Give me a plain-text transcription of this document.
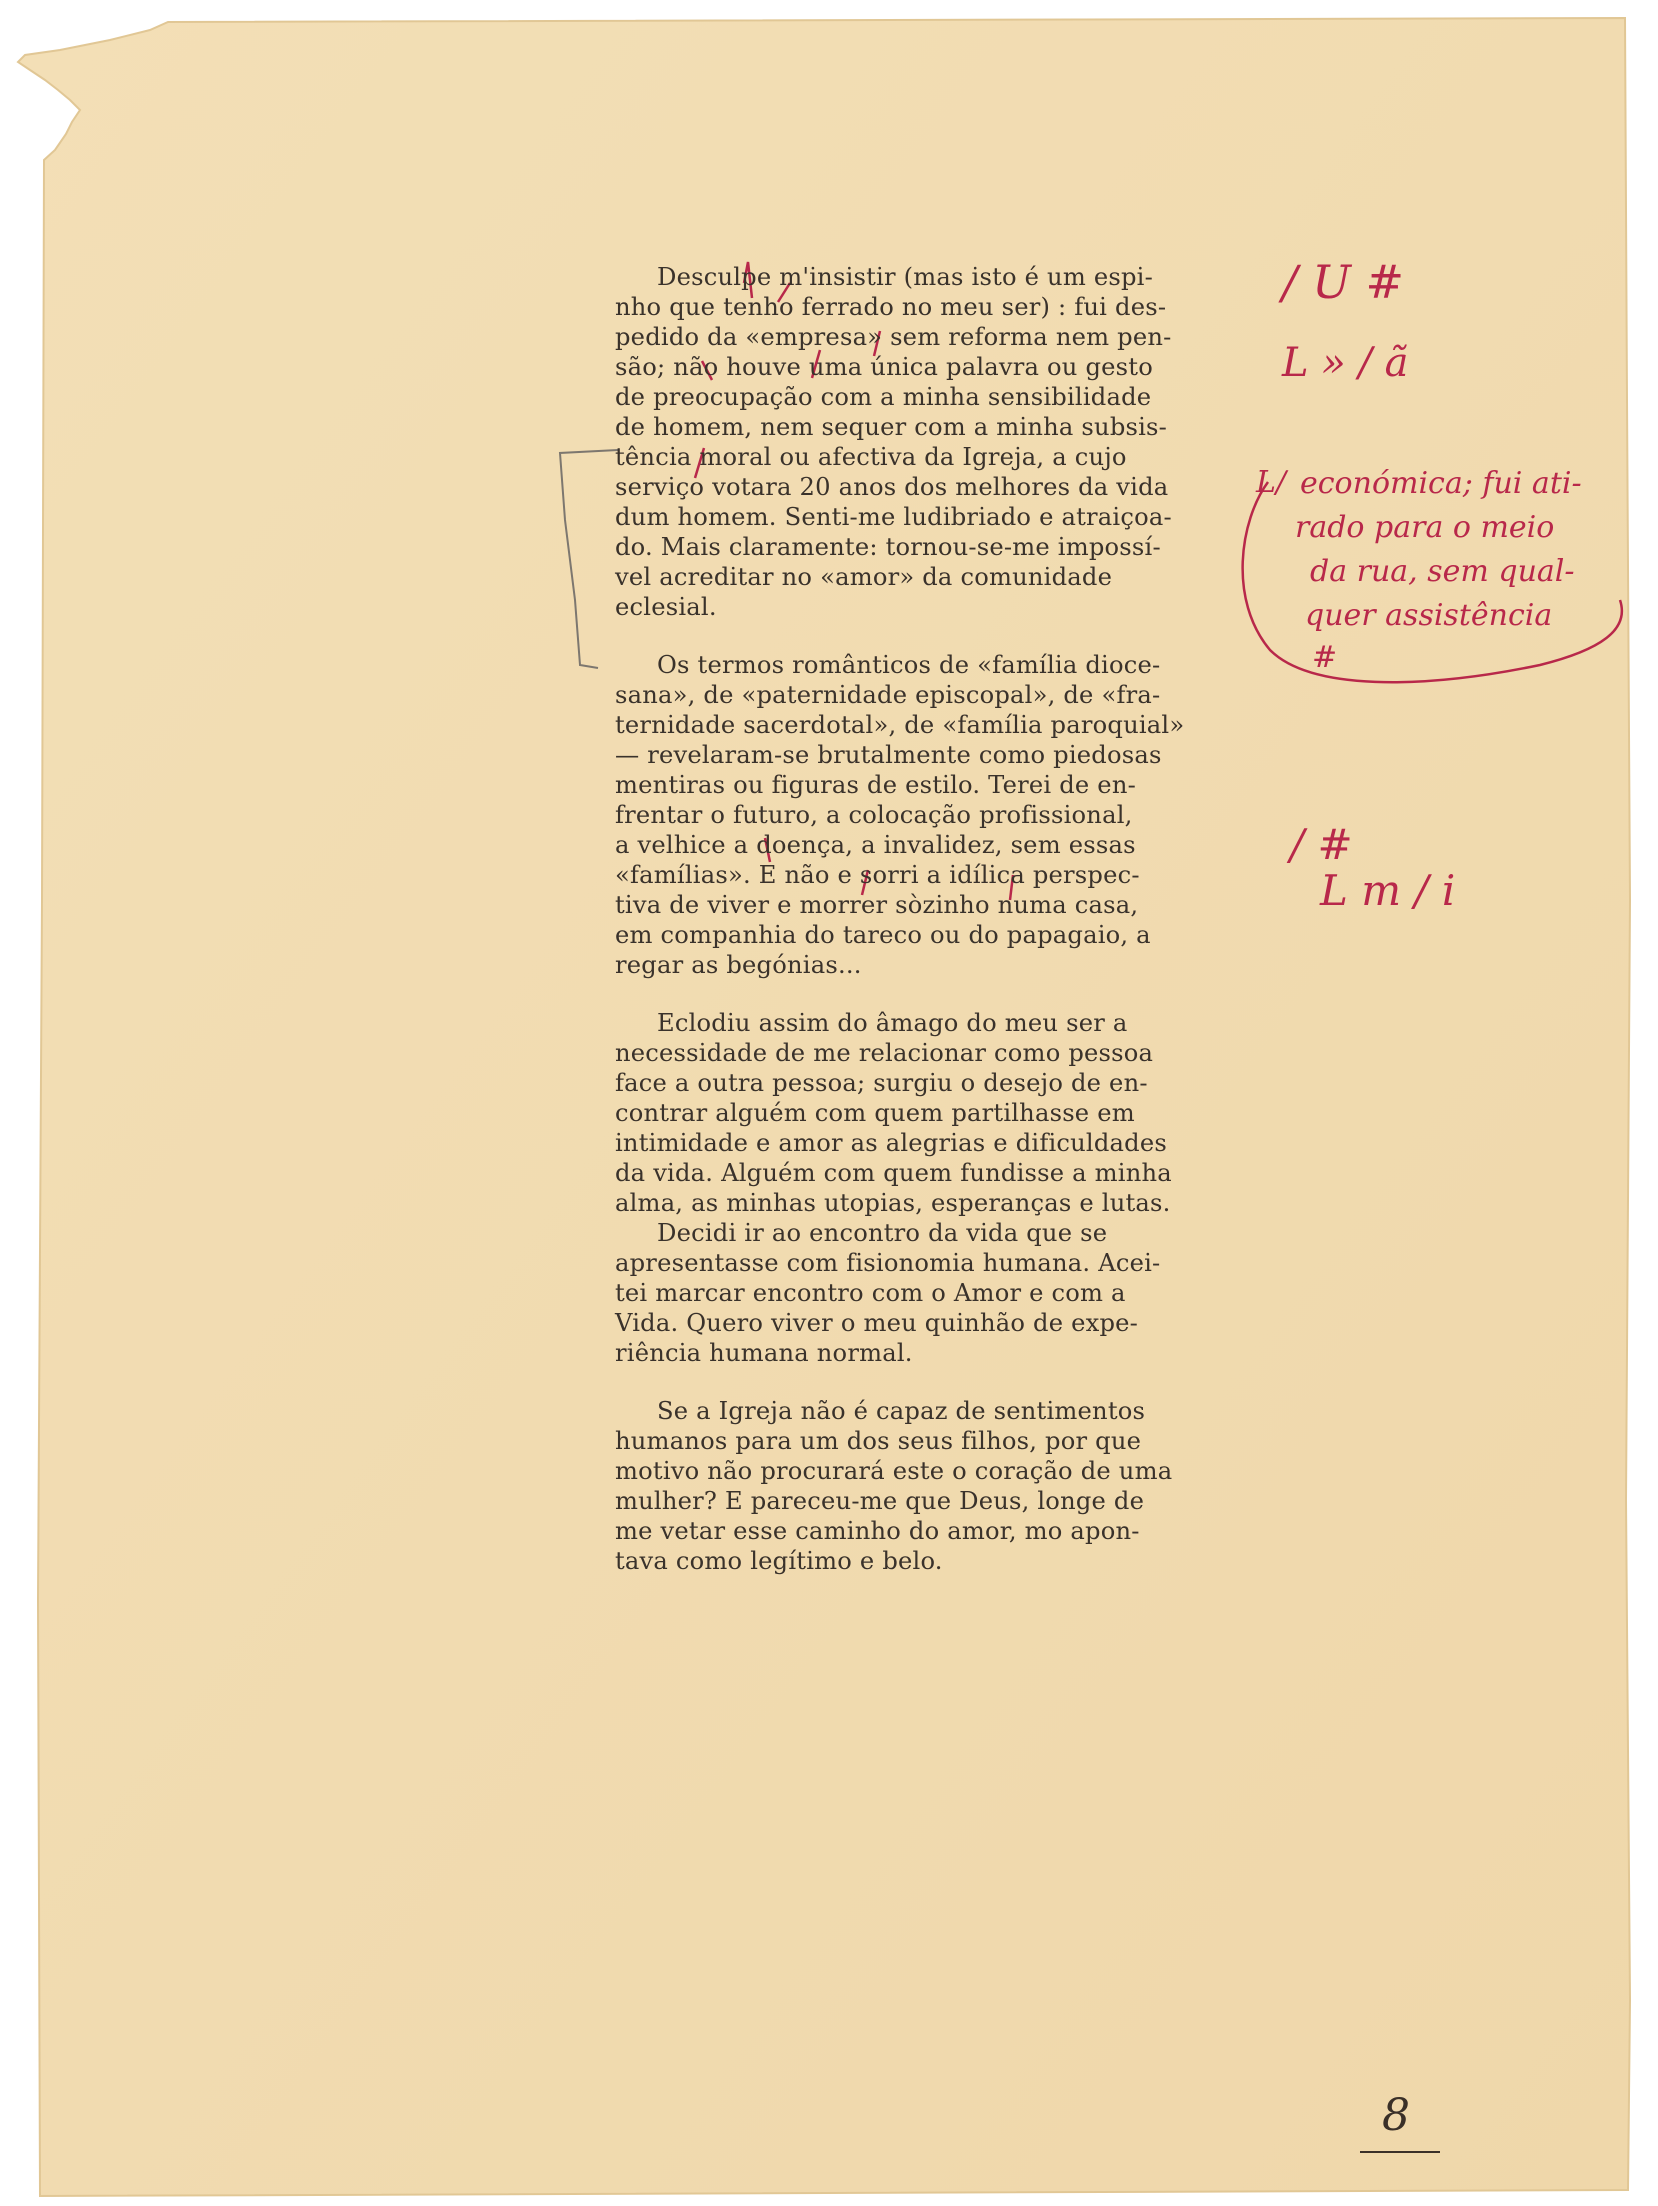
Desculpe m'insistir (mas isto é um espi-
nho que tenho ferrado no meu ser) : fui des-
pedido da «empresa» sem reforma nem pen-
são; não houve uma única palavra ou gesto
de preocupação com a minha sensibilidade
de homem, nem sequer com a minha subsis-
tência moral ou afectiva da Igreja, a cujo
serviço votara 20 anos dos melhores da vida
dum homem. Senti-me ludibriado e atraiçoa-
do. Mais claramente: tornou-se-me impossí-
vel acreditar no «amor» da comunidade
eclesial.
Os termos românticos de «família dioce-
sana», de «paternidade episcopal», de «fra-
ternidade sacerdotal», de «família paroquial»
— revelaram-se brutalmente como piedosas
mentiras ou figuras de estilo. Terei de en-
frentar o futuro, a colocação profissional,
a velhice a doença, a invalidez, sem essas
«famílias». E não e sorri a idílica perspec-
tiva de viver e morrer sòzinho numa casa,
em companhia do tareco ou do papagaio, a
regar as begónias...
Eclodiu assim do âmago do meu ser a
necessidade de me relacionar como pessoa
face a outra pessoa; surgiu o desejo de en-
contrar alguém com quem partilhasse em
intimidade e amor as alegrias e dificuldades
da vida. Alguém com quem fundisse a minha
alma, as minhas utopias, esperanças e lutas.
Decidi ir ao encontro da vida que se
apresentasse com fisionomia humana. Acei-
tei marcar encontro com o Amor e com a
Vida. Quero viver o meu quinhão de expe-
riência humana normal.
Se a Igreja não é capaz de sentimentos
humanos para um dos seus filhos, por que
motivo não procurará este o coração de uma
mulher? E pareceu-me que Deus, longe de
me vetar esse caminho do amor, mo apon-
tava como legítimo e belo.
/ U #
L » / ã
L/ económica; fui ati-
rado para o meio
da rua, sem qual-
quer assistência
#
/ #
L m / i
8
